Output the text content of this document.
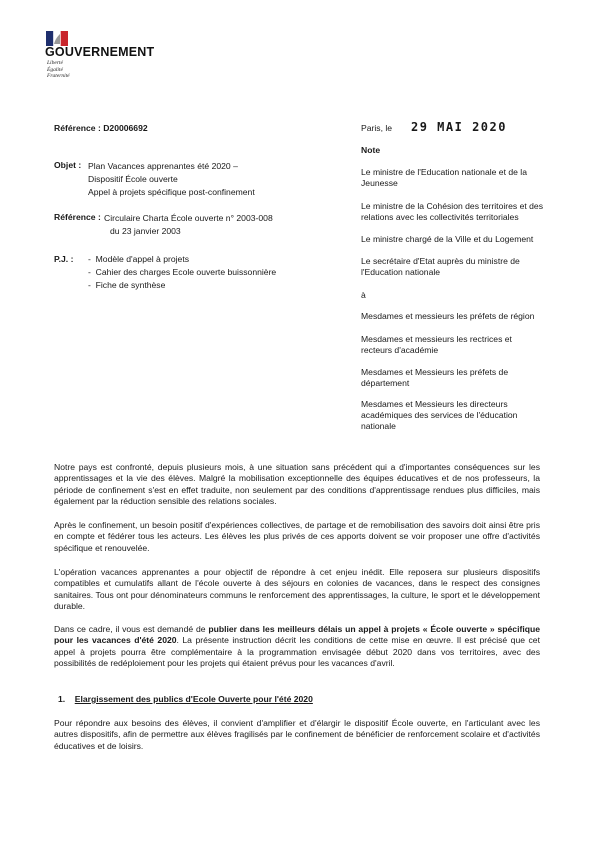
GOUVERNEMENT
Liberté
Égalité
Fraternité
Référence : D20006692	Paris, le 29 MAI 2020
Note
Objet : Plan Vacances apprenantes été 2020 –
Dispositif École ouverte
Appel à projets spécifique post-confinement
Référence : Circulaire Charta École ouverte n° 2003-008
du 23 janvier 2003
P.J. : -  Modèle d'appel à projets
-  Cahier des charges Ecole ouverte buissonnière
-  Fiche de synthèse

Le ministre de l'Education nationale et de la Jeunesse

Le ministre de la Cohésion des territoires et des relations avec les collectivités territoriales

Le ministre chargé de la Ville et du Logement

Le secrétaire d'Etat auprès du ministre de l'Education nationale

à

Mesdames et messieurs les préfets de région

Mesdames et messieurs les rectrices et recteurs d'académie

Mesdames et Messieurs les préfets de département

Mesdames et Messieurs les directeurs académiques des services de l'éducation nationale

Notre pays est confronté, depuis plusieurs mois, à une situation sans précédent qui a d'importantes conséquences sur les apprentissages et la vie des élèves. Malgré la mobilisation exceptionnelle des équipes éducatives et de nos professeurs, la période de confinement s'est en effet traduite, non seulement par des conditions d'apprentissage rendues plus difficiles, mais également par la réduction sensible des relations sociales.

Après le confinement, un besoin positif d'expériences collectives, de partage et de remobilisation des savoirs doit ainsi être pris en compte et fédérer tous les acteurs. Les élèves les plus privés de ces apports doivent se voir proposer une offre d'activités spécifique et renouvelée.

L'opération vacances apprenantes a pour objectif de répondre à cet enjeu inédit. Elle reposera sur plusieurs dispositifs compatibles et cumulatifs allant de l'école ouverte à des séjours en colonies de vacances, dans le respect des consignes sanitaires. Tous ont pour dénominateurs communs le renforcement des apprentissages, la culture, le sport et le développement durable.

Dans ce cadre, il vous est demandé de publier dans les meilleurs délais un appel à projets « École ouverte » spécifique pour les vacances d'été 2020. La présente instruction décrit les conditions de cette mise en œuvre. Il est précisé que cet appel à projets pourra être complémentaire à la programmation envisagée début 2020 dans vos territoires, avec des possibilités de redéploiement pour les projets qui étaient prévus pour les vacances d'avril.

1. Elargissement des publics d'Ecole Ouverte pour l'été 2020

Pour répondre aux besoins des élèves, il convient d'amplifier et d'élargir le dispositif École ouverte, en l'articulant avec les autres dispositifs, afin de permettre aux élèves fragilisés par le confinement de bénéficier de renforcement scolaire et d'activités éducatives et de loisirs.
